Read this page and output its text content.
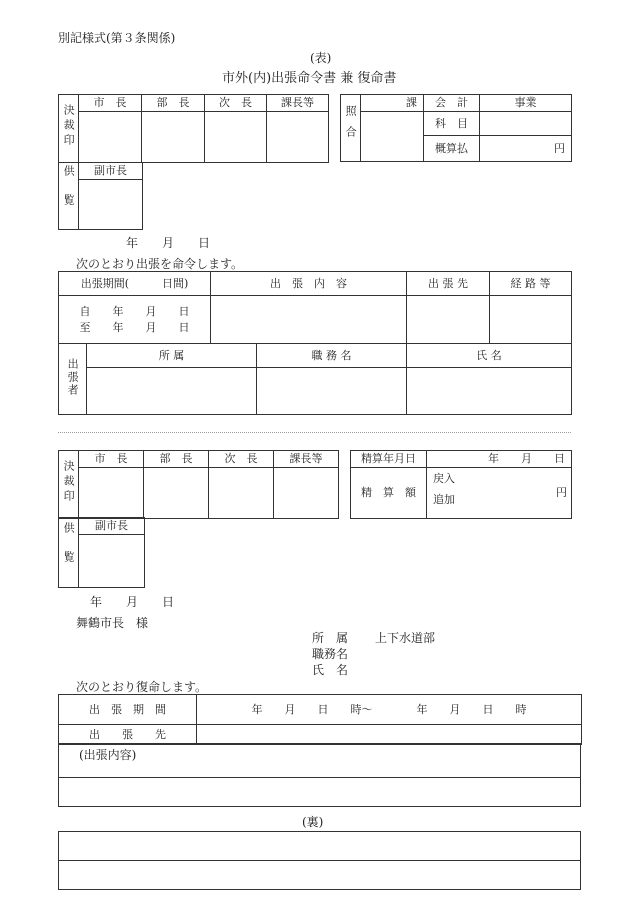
別記様式(第３条関係)
(表)
市外(内)出張命令書 兼 復命書
決裁印	市　長	部　長	次　長	課長等

供覧	副市長

照合	課	会　計	事業
		科　目	
		概算払	円
年　　月　　日
次のとおり出張を命令します。
出張期間(　　　日間)	出　張　内　容	出 張 先	経 路 等

自　　年　　月　　日
至　　年　　月　　日			

出張者	所 属	職 務 名	氏 名

決裁印	市　長	部　長	次　長	課長等

供覧	副市長

精算年月日	年　　月　　日
精　算　額	戻入
追加
円
年　　月　　日
舞鶴市長　様
所　属 上下水道部
職務名
氏　名
次のとおり復命します。
出　張　期　間	年　　月　　日　　時～　　　　年　　月　　日　　時
出　　張　　先	
(出張内容)
(裏)
